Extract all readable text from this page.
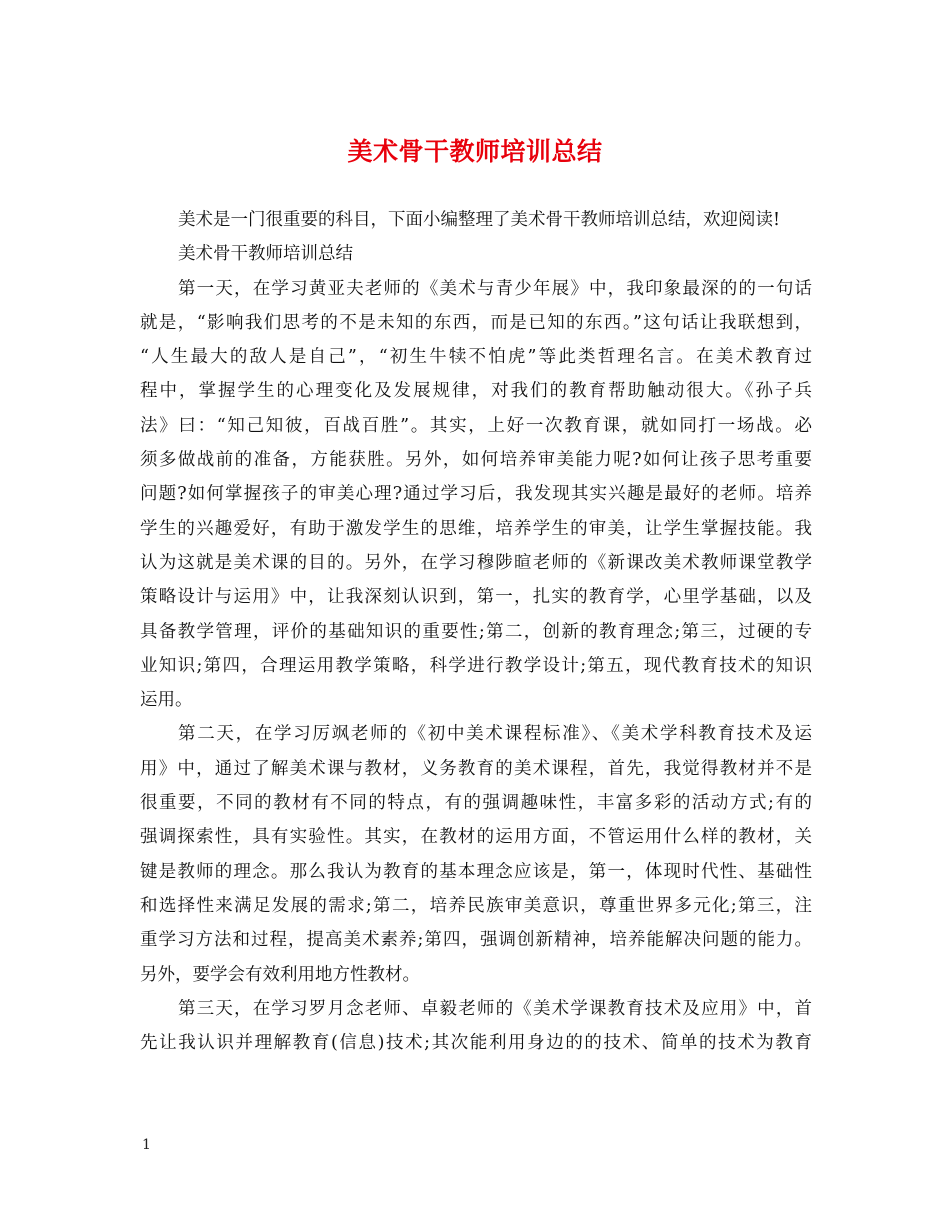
美术骨干教师培训总结
美术是一门很重要的科目，下面小编整理了美术骨干教师培训总结，欢迎阅读!
美术骨干教师培训总结
第一天，在学习黄亚夫老师的《美术与青少年展》中，我印象最深的的一句话
就是，“影响我们思考的不是未知的东西，而是已知的东西。”这句话让我联想到，
“人生最大的敌人是自己”，“初生牛犊不怕虎”等此类哲理名言。在美术教育过
程中，掌握学生的心理变化及发展规律，对我们的教育帮助触动很大。《孙子兵
法》曰：“知己知彼，百战百胜”。其实，上好一次教育课，就如同打一场战。必
须多做战前的准备，方能获胜。另外，如何培养审美能力呢?如何让孩子思考重要
问题?如何掌握孩子的审美心理?通过学习后，我发现其实兴趣是最好的老师。培养
学生的兴趣爱好，有助于激发学生的思维，培养学生的审美，让学生掌握技能。我
认为这就是美术课的目的。另外，在学习穆陟暄老师的《新课改美术教师课堂教学
策略设计与运用》中，让我深刻认识到，第一，扎实的教育学，心里学基础，以及
具备教学管理，评价的基础知识的重要性;第二，创新的教育理念;第三，过硬的专
业知识;第四，合理运用教学策略，科学进行教学设计;第五，现代教育技术的知识
运用。
第二天，在学习厉飒老师的《初中美术课程标准》、《美术学科教育技术及运
用》中，通过了解美术课与教材，义务教育的美术课程，首先，我觉得教材并不是
很重要，不同的教材有不同的特点，有的强调趣味性，丰富多彩的活动方式;有的
强调探索性，具有实验性。其实，在教材的运用方面，不管运用什么样的教材，关
键是教师的理念。那么我认为教育的基本理念应该是，第一，体现时代性、基础性
和选择性来满足发展的需求;第二，培养民族审美意识，尊重世界多元化;第三，注
重学习方法和过程，提高美术素养;第四，强调创新精神，培养能解决问题的能力。
另外，要学会有效利用地方性教材。
第三天，在学习罗月念老师、卓毅老师的《美术学课教育技术及应用》中，首
先让我认识并理解教育(信息)技术;其次能利用身边的的技术、简单的技术为教育
1
